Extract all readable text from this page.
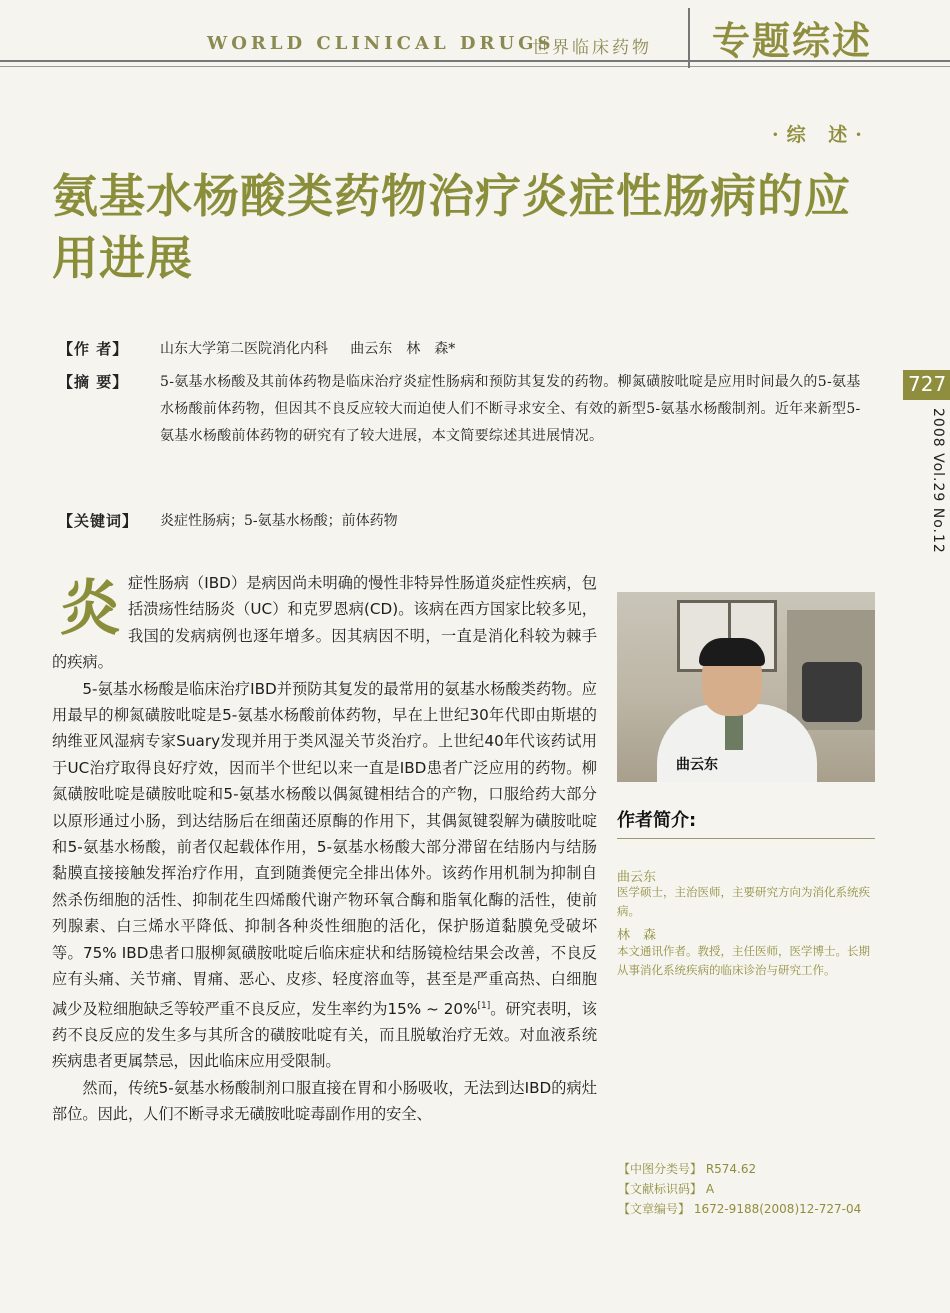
WORLD CLINICAL DRUGS
世界临床药物 专题综述
·综 述·
氨基水杨酸类药物治疗炎症性肠病的应用进展
【作 者】	山东大学第二医院消化内科 曲云东　林　森*
【摘 要】	5-氨基水杨酸及其前体药物是临床治疗炎症性肠病和预防其复发的药物。柳氮磺胺吡啶是应用时间最久的5-氨基水杨酸前体药物，但因其不良反应较大而迫使人们不断寻求安全、有效的新型5-氨基水杨酸制剂。近年来新型5-氨基水杨酸前体药物的研究有了较大进展，本文简要综述其进展情况。
【关键词】	炎症性肠病；5-氨基水杨酸；前体药物

炎症性肠病（IBD）是病因尚未明确的慢性非特异性肠道炎症性疾病，包括溃疡性结肠炎（UC）和克罗恩病(CD)。该病在西方国家比较多见，我国的发病病例也逐年增多。因其病因不明，一直是消化科较为棘手的疾病。

5-氨基水杨酸是临床治疗IBD并预防其复发的最常用的氨基水杨酸类药物。应用最早的柳氮磺胺吡啶是5-氨基水杨酸前体药物，早在上世纪30年代即由斯堪的纳维亚风湿病专家Suary发现并用于类风湿关节炎治疗。上世纪40年代该药试用于UC治疗取得良好疗效，因而半个世纪以来一直是IBD患者广泛应用的药物。柳氮磺胺吡啶是磺胺吡啶和5-氨基水杨酸以偶氮键相结合的产物，口服给药大部分以原形通过小肠，到达结肠后在细菌还原酶的作用下，其偶氮键裂解为磺胺吡啶和5-氨基水杨酸，前者仅起载体作用，5-氨基水杨酸大部分滞留在结肠内与结肠黏膜直接接触发挥治疗作用，直到随粪便完全排出体外。该药作用机制为抑制自然杀伤细胞的活性、抑制花生四烯酸代谢产物环氧合酶和脂氧化酶的活性，使前列腺素、白三烯水平降低、抑制各种炎性细胞的活化，保护肠道黏膜免受破坏等。75% IBD患者口服柳氮磺胺吡啶后临床症状和结肠镜检结果会改善，不良反应有头痛、关节痛、胃痛、恶心、皮疹、轻度溶血等，甚至是严重高热、白细胞减少及粒细胞缺乏等较严重不良反应，发生率约为15% ~ 20%[1]。研究表明，该药不良反应的发生多与其所含的磺胺吡啶有关，而且脱敏治疗无效。对血液系统疾病患者更属禁忌，因此临床应用受限制。

然而，传统5-氨基水杨酸制剂口服直接在胃和小肠吸收，无法到达IBD的病灶部位。因此，人们不断寻求无磺胺吡啶毒副作用的安全、

曲云东
作者简介:
曲云东
医学硕士，主治医师，主要研究方向为消化系统疾病。
林　森
本文通讯作者。教授，主任医师，医学博士。长期从事消化系统疾病的临床诊治与研究工作。
【中图分类号】 R574.62
【文献标识码】 A
【文章编号】 1672-9188(2008)12-727-04
727
2008 Vol.29 No.12
